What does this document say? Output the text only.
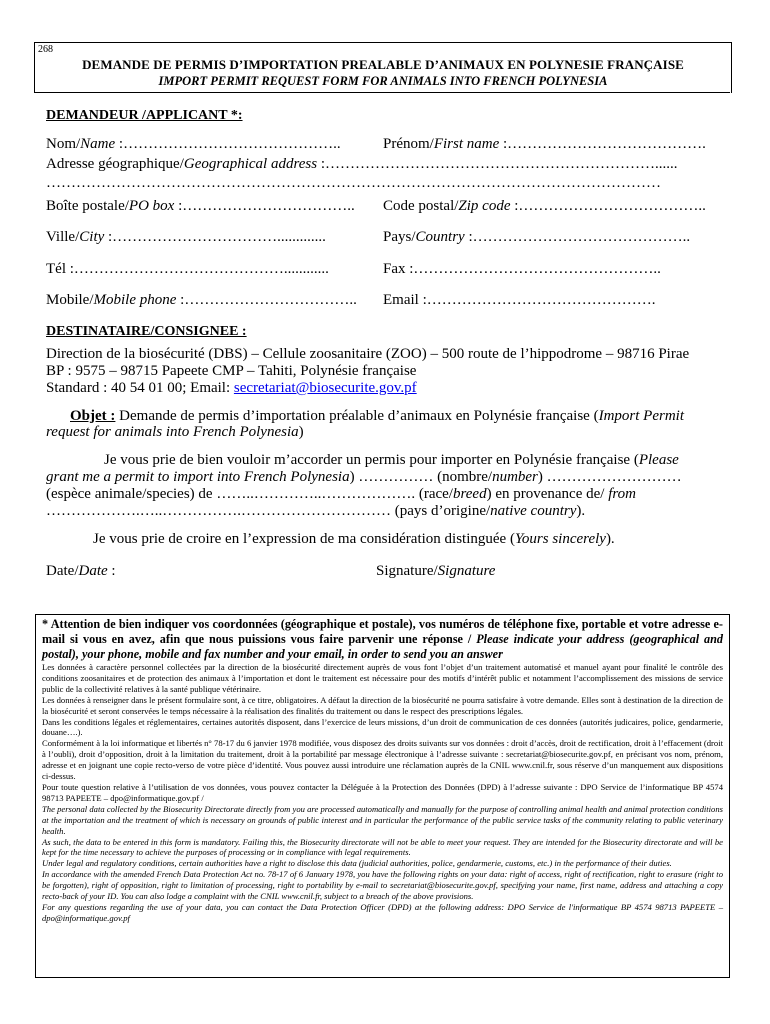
268
DEMANDE DE PERMIS D’IMPORTATION PREALABLE D’ANIMAUX EN POLYNESIE FRANÇAISE
IMPORT PERMIT REQUEST FORM FOR ANIMALS INTO FRENCH POLYNESIA
DEMANDEUR /APPLICANT *:
Nom/Name :……………………………………..	Prénom/First name :………………………………….
Adresse géographique/Geographical address :…………………………………………………………......
……………………………………………………………………………………………………………
Boîte postale/PO box :…………………………….. Code postal/Zip code :………………………………..
Ville/City :…………………………….............	Pays/Country :……………………………………..
Tél :……………………………………............	Fax :…………………………………………..
Mobile/Mobile phone :…………………………….. Email :……………………………………….
DESTINATAIRE/CONSIGNEE :
Direction de la biosécurité (DBS) – Cellule zoosanitaire (ZOO) – 500 route de l’hippodrome – 98716 Pirae
BP : 9575 – 98715 Papeete CMP – Tahiti, Polynésie française
Standard : 40 54 01 00; Email: secretariat@biosecurite.gov.pf
Objet : Demande de permis d’importation préalable d’animaux en Polynésie française (Import Permit
request for animals into French Polynesia)
Je vous prie de bien vouloir m’accorder un permis pour importer en Polynésie française (Please
grant me a permit to import into French Polynesia) …………… (nombre/number) ………………………
(espèce animale/species) de ……..…………..………………. (race/breed) en provenance de/ from
……………….…..…………….………………………… (pays d’origine/native country).
Je vous prie de croire en l’expression de ma considération distinguée (Yours sincerely).
Date/Date :	Signature/Signature

* Attention de bien indiquer vos coordonnées (géographique et postale), vos numéros de téléphone fixe, portable et votre adresse e-mail si vous en avez, afin que nous puissions vous faire parvenir une réponse / Please indicate your address (geographical and postal), your phone, mobile and fax number and your email, in order to send you an answer

Les données à caractère personnel collectées par la direction de la biosécurité directement auprès de vous font l’objet d’un traitement automatisé et manuel ayant pour finalité le contrôle des conditions zoosanitaires et de protection des animaux à l’importation et dont le traitement est nécessaire pour des motifs d’intérêt public et notamment l’accomplissement des missions de service public de la collectivité relatives à la santé publique vétérinaire.

Les données à renseigner dans le présent formulaire sont, à ce titre, obligatoires. A défaut la direction de la biosécurité ne pourra satisfaire à votre demande. Elles sont à destination de la direction de la biosécurité et seront conservées le temps nécessaire à la réalisation des finalités du traitement ou dans le respect des prescriptions légales.

Dans les conditions légales et réglementaires, certaines autorités disposent, dans l’exercice de leurs missions, d’un droit de communication de ces données (autorités judicaires, police, gendarmerie, douane….).

Conformément à la loi informatique et libertés n° 78-17 du 6 janvier 1978 modifiée, vous disposez des droits suivants sur vos données : droit d’accès, droit de rectification, droit à l’effacement (droit à l’oubli), droit d’opposition, droit à la limitation du traitement, droit à la portabilité par message électronique à l’adresse suivante : secretariat@biosecurite.gov.pf, en précisant vos nom, prénom, adresse et en joignant une copie recto-verso de votre pièce d’identité. Vous pouvez aussi introduire une réclamation auprès de la CNIL www.cnil.fr, sous réserve d’un manquement aux dispositions ci-dessus.

Pour toute question relative à l’utilisation de vos données, vous pouvez contacter la Déléguée à la Protection des Données (DPD) à l’adresse suivante : DPO Service de l’informatique BP 4574 98713 PAPEETE – dpo@informatique.gov.pf /

The personal data collected by the Biosecurity Directorate directly from you are processed automatically and manually for the purpose of controlling animal health and animal protection conditions at the importation and the treatment of which is necessary on grounds of public interest and in particular the performance of the public service tasks of the community relating to public veterinary health.

As such, the data to be entered in this form is mandatory. Failing this, the Biosecurity directorate will not be able to meet your request. They are intended for the Biosecurity directorate and will be kept for the time necessary to achieve the purposes of processing or in compliance with legal requirements.

Under legal and regulatory conditions, certain authorities have a right to disclose this data (judicial authorities, police, gendarmerie, customs, etc.) in the performance of their duties.

In accordance with the amended French Data Protection Act no. 78-17 of 6 January 1978, you have the following rights on your data: right of access, right of rectification, right to erasure (right to be forgotten), right of opposition, right to limitation of processing, right to portability by e-mail to secretariat@biosecurite.gov.pf, specifying your name, first name, address and attaching a copy recto-back of your ID. You can also lodge a complaint with the CNIL www.cnil.fr, subject to a breach of the above provisions.

For any questions regarding the use of your data, you can contact the Data Protection Officer (DPD) at the following address: DPO Service de l'informatique BP 4574 98713 PAPEETE – dpo@informatique.gov.pf
